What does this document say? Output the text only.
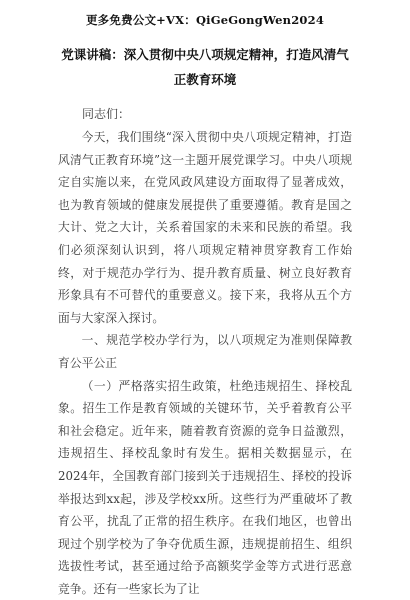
更多免费公文+VX：QiGeGongWen2024
党课讲稿：深入贯彻中央八项规定精神，打造风清气正教育环境
同志们：

今天，我们围绕“深入贯彻中央八项规定精神，打造风清气正教育环境”这一主题开展党课学习。中央八项规定自实施以来，在党风政风建设方面取得了显著成效，也为教育领域的健康发展提供了重要遵循。教育是国之大计、党之大计，关系着国家的未来和民族的希望。我们必须深刻认识到，将八项规定精神贯穿教育工作始终，对于规范办学行为、提升教育质量、树立良好教育形象具有不可替代的重要意义。接下来，我将从五个方面与大家深入探讨。

一、规范学校办学行为，以八项规定为准则保障教育公平公正

（一）严格落实招生政策，杜绝违规招生、择校乱象。招生工作是教育领域的关键环节，关乎着教育公平和社会稳定。近年来，随着教育资源的竞争日益激烈，违规招生、择校乱象时有发生。据相关数据显示，在2024年，全国教育部门接到关于违规招生、择校的投诉举报达到xx起，涉及学校xx所。这些行为严重破坏了教育公平，扰乱了正常的招生秩序。在我们地区，也曾出现过个别学校为了争夺优质生源，违规提前招生、组织选拔性考试，甚至通过给予高额奖学金等方式进行恶意竞争。还有一些家长为了让
